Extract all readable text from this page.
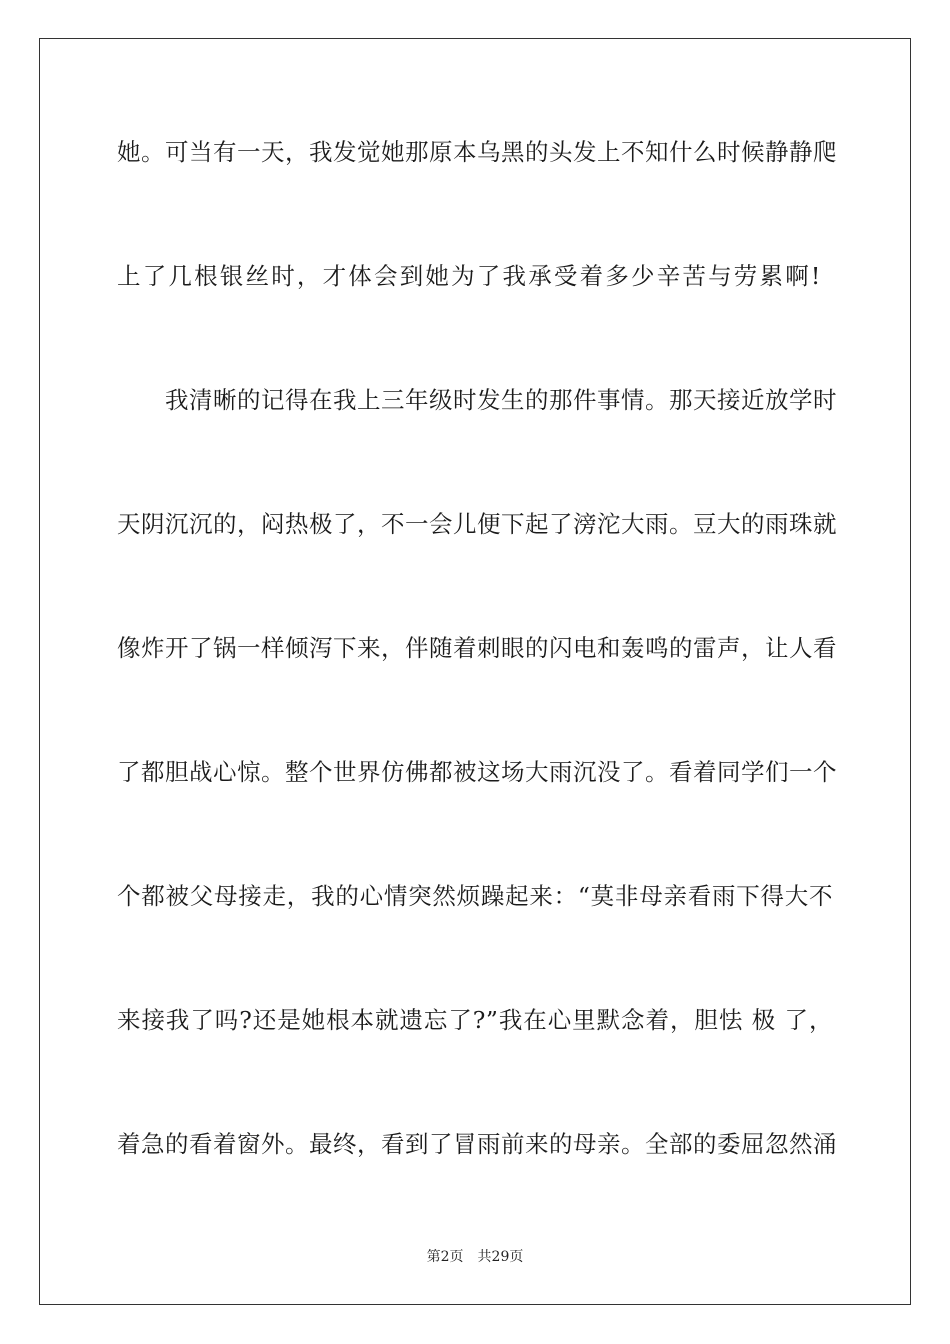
她。可当有一天，我发觉她那原本乌黑的头发上不知什么时候静静爬
上了几根银丝时，才体会到她为了我承受着多少辛苦与劳累啊!
我清晰的记得在我上三年级时发生的那件事情。那天接近放学时
天阴沉沉的，闷热极了，不一会儿便下起了滂沱大雨。豆大的雨珠就
像炸开了锅一样倾泻下来，伴随着刺眼的闪电和轰鸣的雷声，让人看
了都胆战心惊。整个世界仿佛都被这场大雨沉没了。看着同学们一个
个都被父母接走，我的心情突然烦躁起来：“莫非母亲看雨下得大不
来接我了吗?还是她根本就遗忘了?”我在心里默念着，胆怯 极 了，
着急的看着窗外。最终，看到了冒雨前来的母亲。全部的委屈忽然涌
第2页 共29页
